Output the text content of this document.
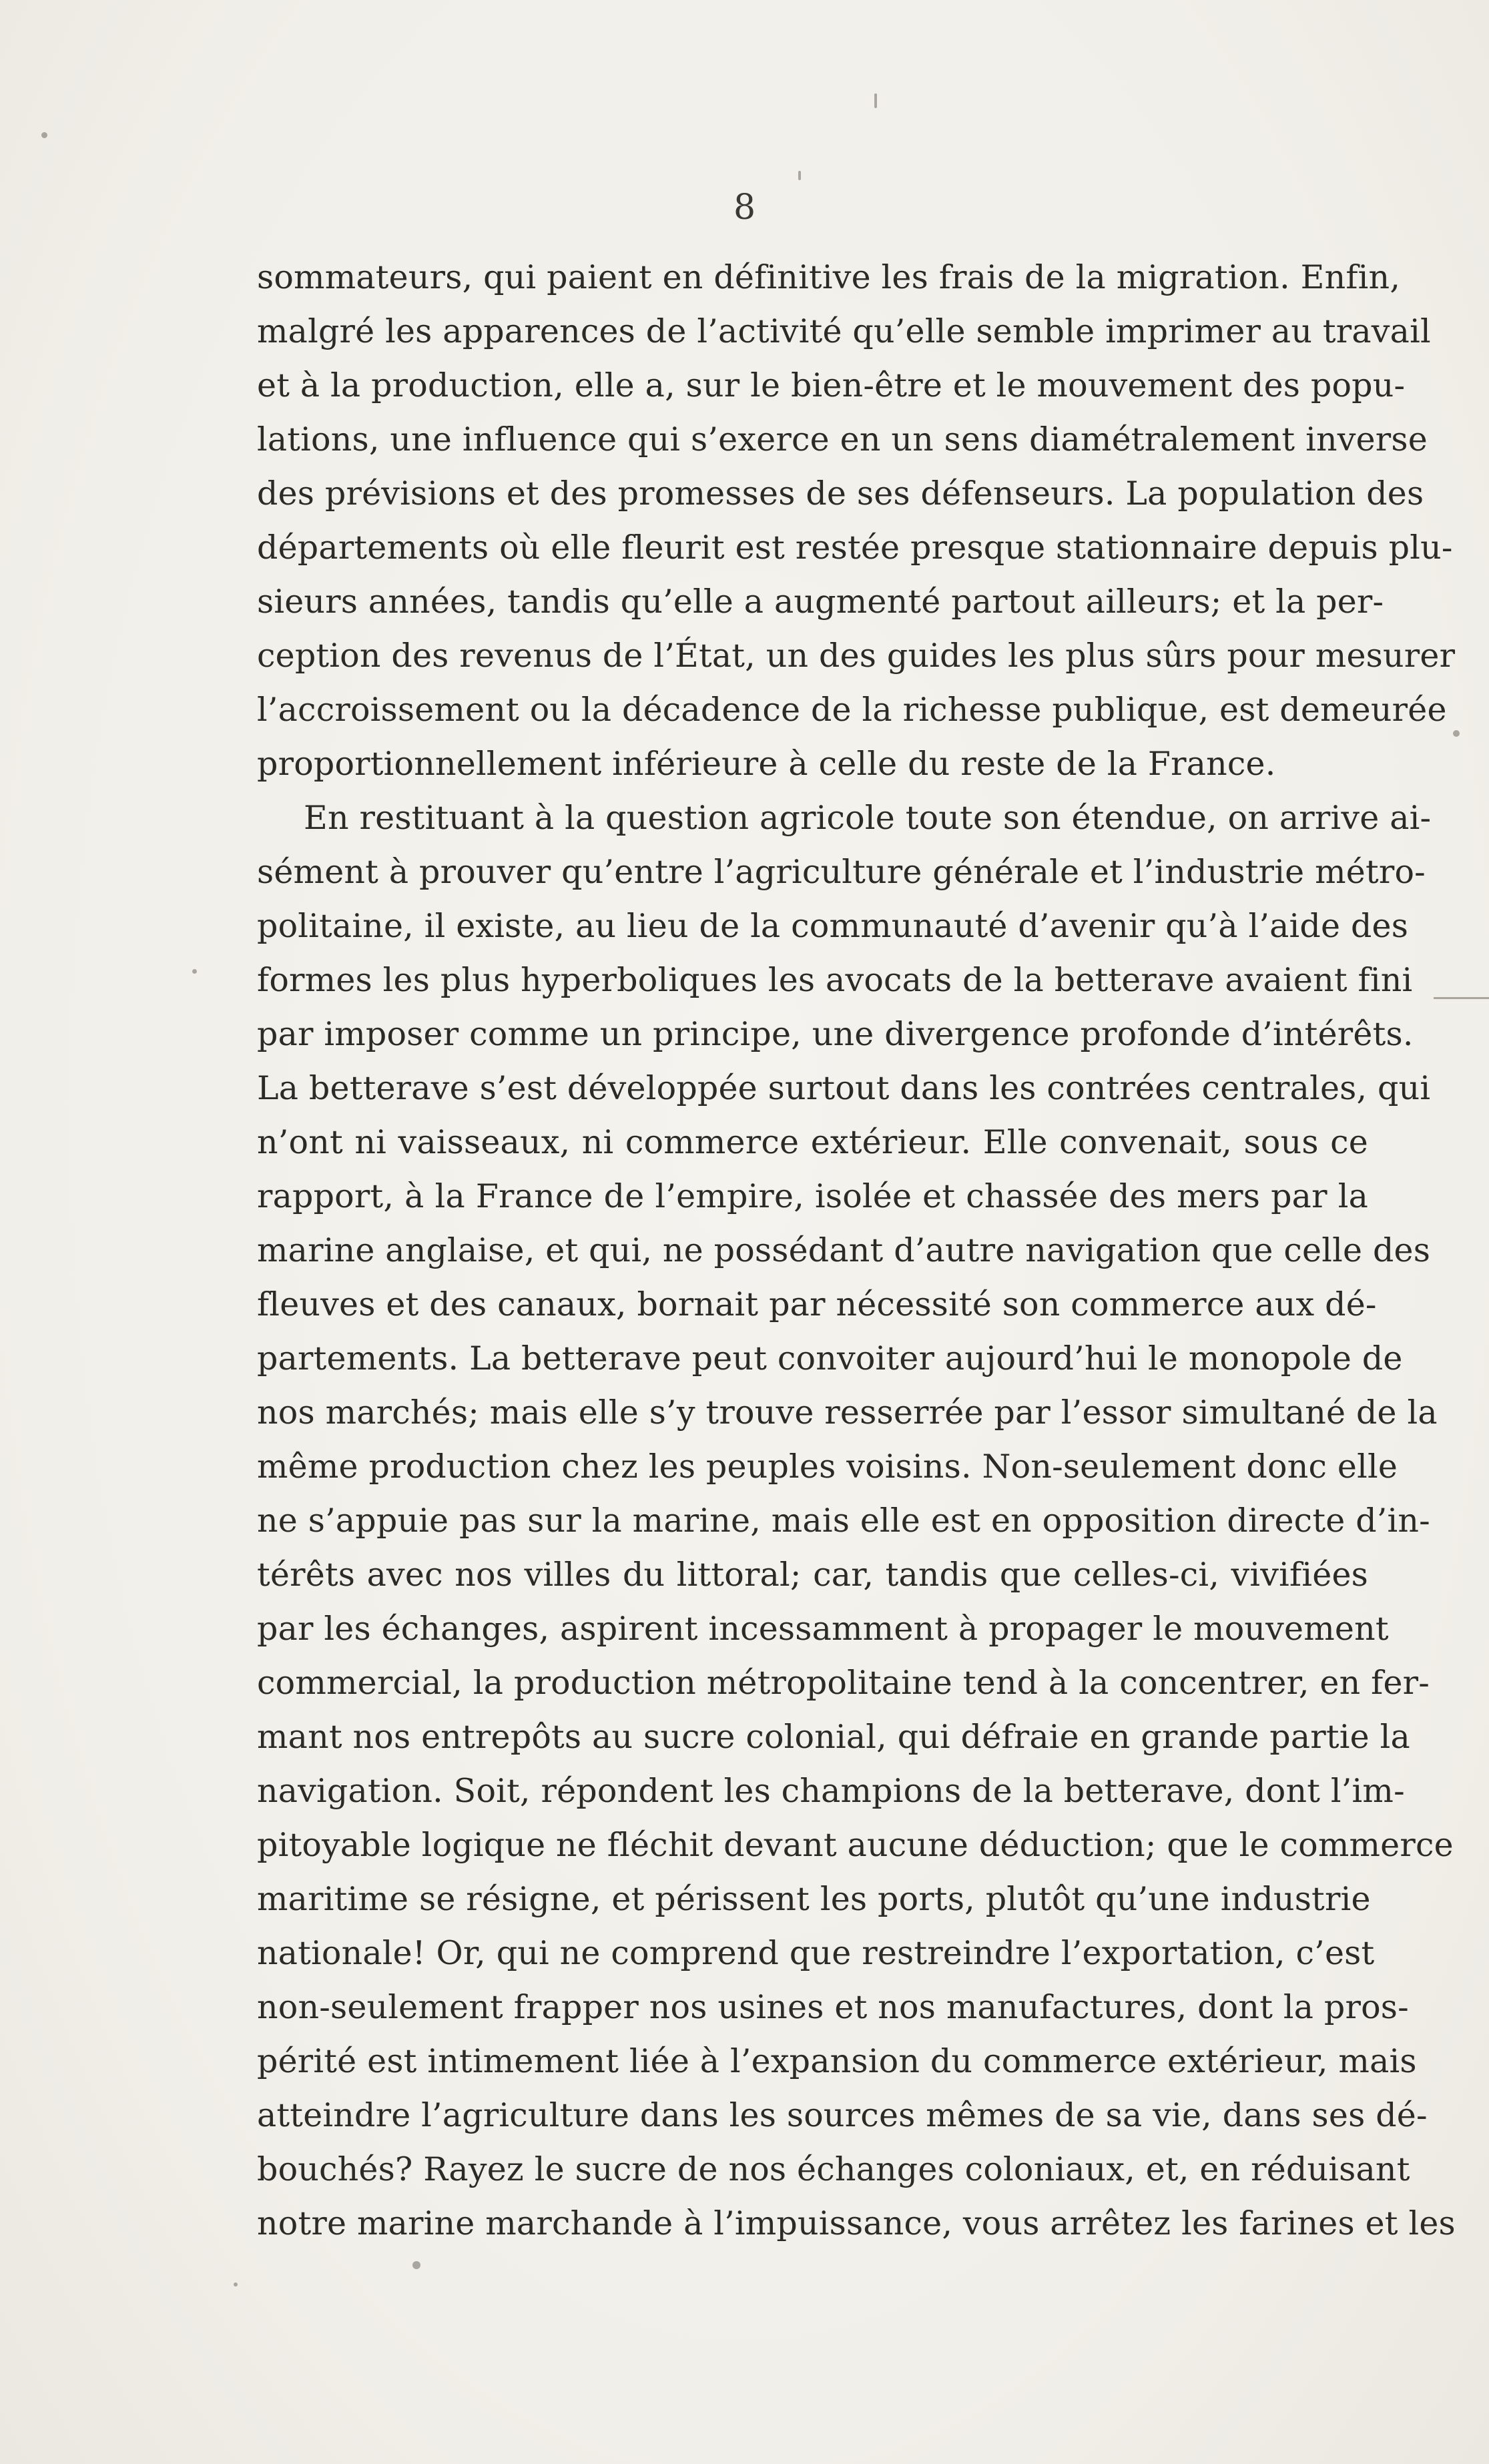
8
sommateurs, qui paient en définitive les frais de la migration. Enfin,
malgré les apparences de l’activité qu’elle semble imprimer au travail
et à la production, elle a, sur le bien-être et le mouvement des popu-
lations, une influence qui s’exerce en un sens diamétralement inverse
des prévisions et des promesses de ses défenseurs. La population des
départements où elle fleurit est restée presque stationnaire depuis plu-
sieurs années, tandis qu’elle a augmenté partout ailleurs; et la per-
ception des revenus de l’État, un des guides les plus sûrs pour mesurer
l’accroissement ou la décadence de la richesse publique, est demeurée
proportionnellement inférieure à celle du reste de la France.
En restituant à la question agricole toute son étendue, on arrive ai-
sément à prouver qu’entre l’agriculture générale et l’industrie métro-
politaine, il existe, au lieu de la communauté d’avenir qu’à l’aide des
formes les plus hyperboliques les avocats de la betterave avaient fini
par imposer comme un principe, une divergence profonde d’intérêts.
La betterave s’est développée surtout dans les contrées centrales, qui
n’ont ni vaisseaux, ni commerce extérieur. Elle convenait, sous ce
rapport, à la France de l’empire, isolée et chassée des mers par la
marine anglaise, et qui, ne possédant d’autre navigation que celle des
fleuves et des canaux, bornait par nécessité son commerce aux dé-
partements. La betterave peut convoiter aujourd’hui le monopole de
nos marchés; mais elle s’y trouve resserrée par l’essor simultané de la
même production chez les peuples voisins. Non-seulement donc elle
ne s’appuie pas sur la marine, mais elle est en opposition directe d’in-
térêts avec nos villes du littoral; car, tandis que celles-ci, vivifiées
par les échanges, aspirent incessamment à propager le mouvement
commercial, la production métropolitaine tend à la concentrer, en fer-
mant nos entrepôts au sucre colonial, qui défraie en grande partie la
navigation. Soit, répondent les champions de la betterave, dont l’im-
pitoyable logique ne fléchit devant aucune déduction; que le commerce
maritime se résigne, et périssent les ports, plutôt qu’une industrie
nationale! Or, qui ne comprend que restreindre l’exportation, c’est
non-seulement frapper nos usines et nos manufactures, dont la pros-
périté est intimement liée à l’expansion du commerce extérieur, mais
atteindre l’agriculture dans les sources mêmes de sa vie, dans ses dé-
bouchés? Rayez le sucre de nos échanges coloniaux, et, en réduisant
notre marine marchande à l’impuissance, vous arrêtez les farines et les
